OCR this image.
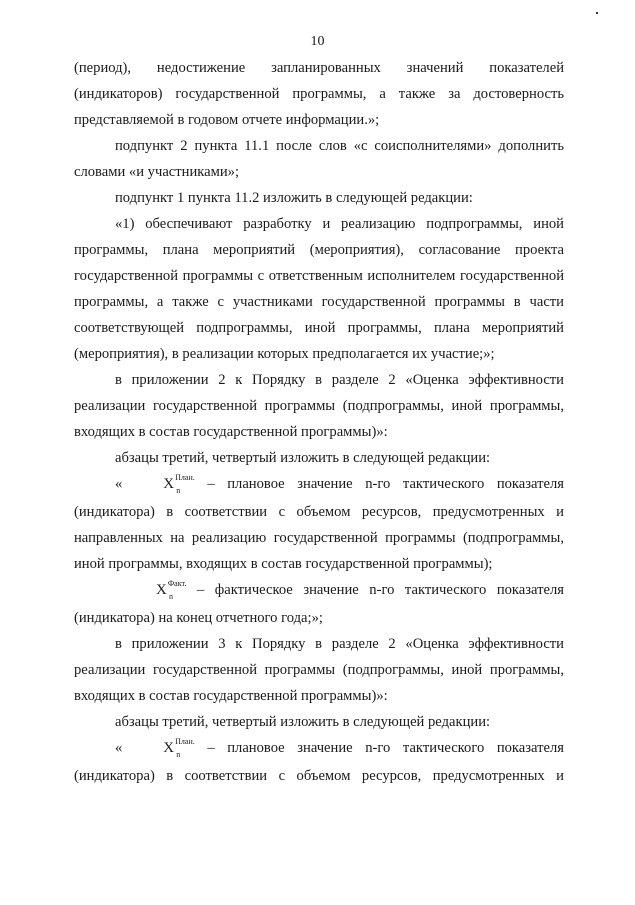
10

(период), недостижение запланированных значений показателей (индикаторов) государственной программы, а также за достоверность представляемой в годовом отчете информации.»;

подпункт 2 пункта 11.1 после слов «с соисполнителями» дополнить словами «и участниками»;

подпункт 1 пункта 11.2 изложить в следующей редакции:

«1) обеспечивают разработку и реализацию подпрограммы, иной программы, плана мероприятий (мероприятия), согласование проекта государственной программы с ответственным исполнителем государственной программы, а также с участниками государственной программы в части соответствующей подпрограммы, иной программы, плана мероприятий (мероприятия), в реализации которых предполагается их участие;»;

в приложении 2 к Порядку в разделе 2 «Оценка эффективности реализации государственной программы (подпрограммы, иной программы, входящих в состав государственной программы)»:

абзацы третий, четвертый изложить в следующей редакции:

«	$X^{План.}$
n – плановое значение n-го тактического показателя (индикатора) в соответствии с объемом ресурсов, предусмотренных и направленных на реализацию государственной программы (подпрограммы, иной программы, входящих в состав государственной программы);

$X^{Факт.}$
n – фактическое значение n-го тактического показателя (индикатора) на конец отчетного года;»;

в приложении 3 к Порядку в разделе 2 «Оценка эффективности реализации государственной программы (подпрограммы, иной программы, входящих в состав государственной программы)»:

абзацы третий, четвертый изложить в следующей редакции:

«	$X^{План.}$
n – плановое значение n-го тактического показателя (индикатора) в соответствии с объемом ресурсов, предусмотренных и
